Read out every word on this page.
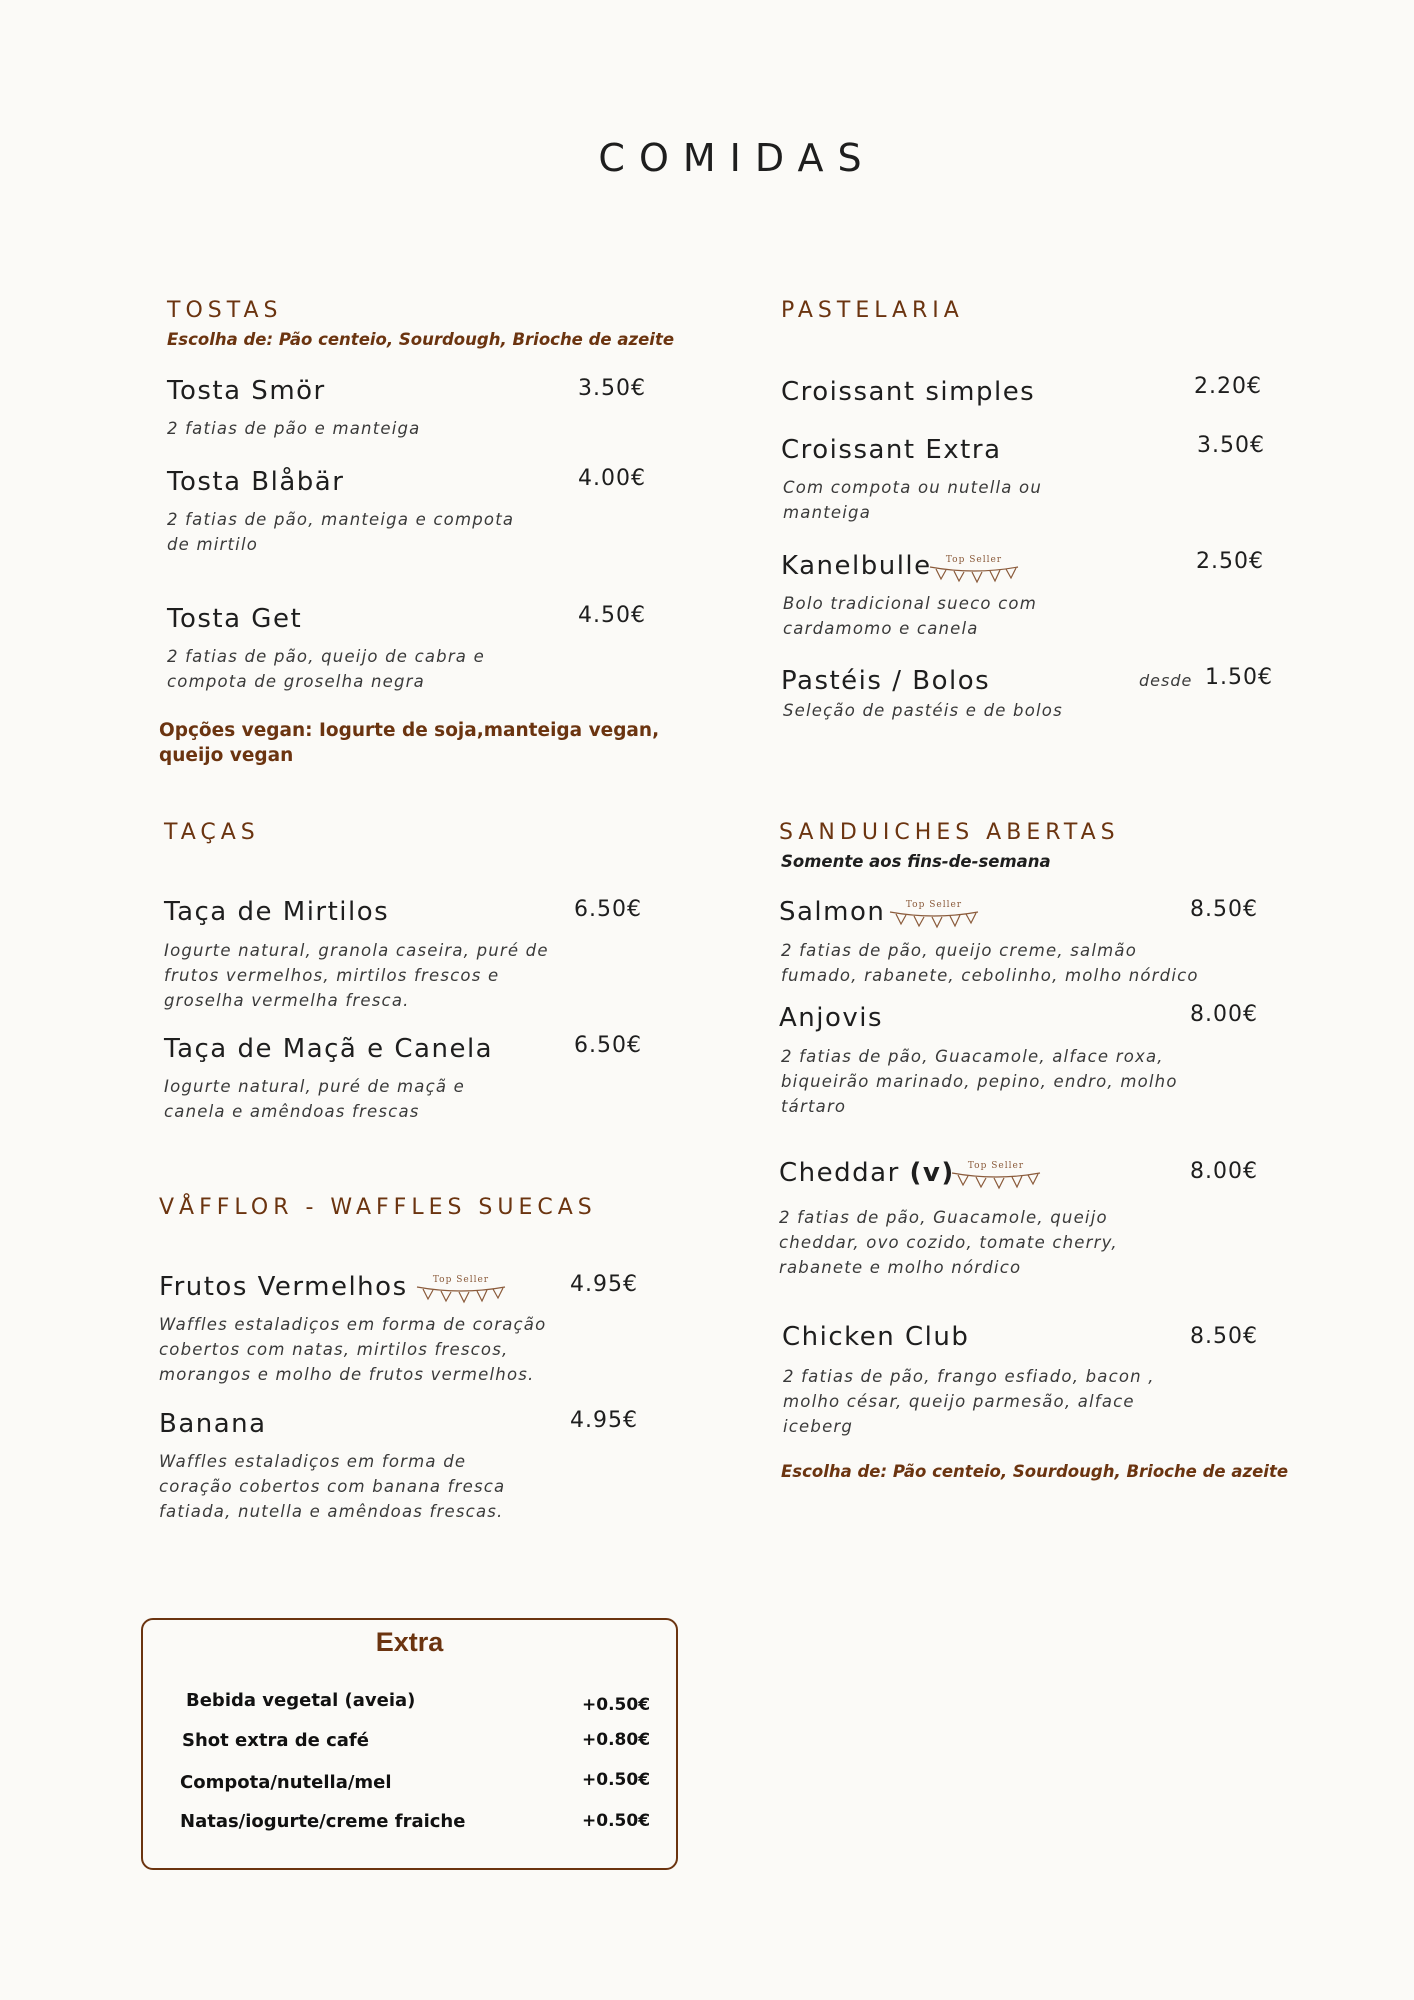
COMIDAS
TOSTAS
Escolha de: Pão centeio, Sourdough, Brioche de azeite
Tosta Smör	3.50€
2 fatias de pão e manteiga
Tosta Blåbär	4.00€
2 fatias de pão, manteiga e compota de mirtilo
Tosta Get	4.50€
2 fatias de pão, queijo de cabra e compota de groselha negra
Opções vegan: Iogurte de soja,manteiga vegan, queijo vegan
PASTELARIA
Croissant simples	2.20€
Croissant Extra	3.50€
Com compota ou nutella ou manteiga
Kanelbulle Top Seller	2.50€
Bolo tradicional sueco com cardamomo e canela
Pastéis / Bolos	desde 1.50€
Seleção de pastéis e de bolos
TAÇAS
Taça de Mirtilos	6.50€
Iogurte natural, granola caseira, puré de frutos vermelhos, mirtilos frescos e groselha vermelha fresca.
Taça de Maçã e Canela	6.50€
Iogurte natural, puré de maçã e canela e amêndoas frescas
SANDUICHES ABERTAS
Somente aos fins-de-semana
Salmon Top Seller	8.50€
2 fatias de pão, queijo creme, salmão fumado, rabanete, cebolinho, molho nórdico
Anjovis	8.00€
2 fatias de pão, Guacamole, alface roxa, biqueirão marinado, pepino, endro, molho tártaro
Cheddar (v) Top Seller	8.00€
2 fatias de pão, Guacamole, queijo cheddar, ovo cozido, tomate cherry, rabanete e molho nórdico
Chicken Club	8.50€
2 fatias de pão, frango esfiado, bacon , molho césar, queijo parmesão, alface iceberg
Escolha de: Pão centeio, Sourdough, Brioche de azeite
VÅFFLOR - WAFFLES SUECAS
Frutos Vermelhos	Top Seller	4.95€
Waffles estaladiços em forma de coração cobertos com natas, mirtilos frescos, morangos e molho de frutos vermelhos.
Banana	4.95€
Waffles estaladiços em forma de coração cobertos com banana fresca fatiada, nutella e amêndoas frescas.
Extra
Bebida vegetal (aveia)	+0.50€
Shot extra de café	+0.80€
Compota/nutella/mel	+0.50€
Natas/iogurte/creme fraiche	+0.50€
